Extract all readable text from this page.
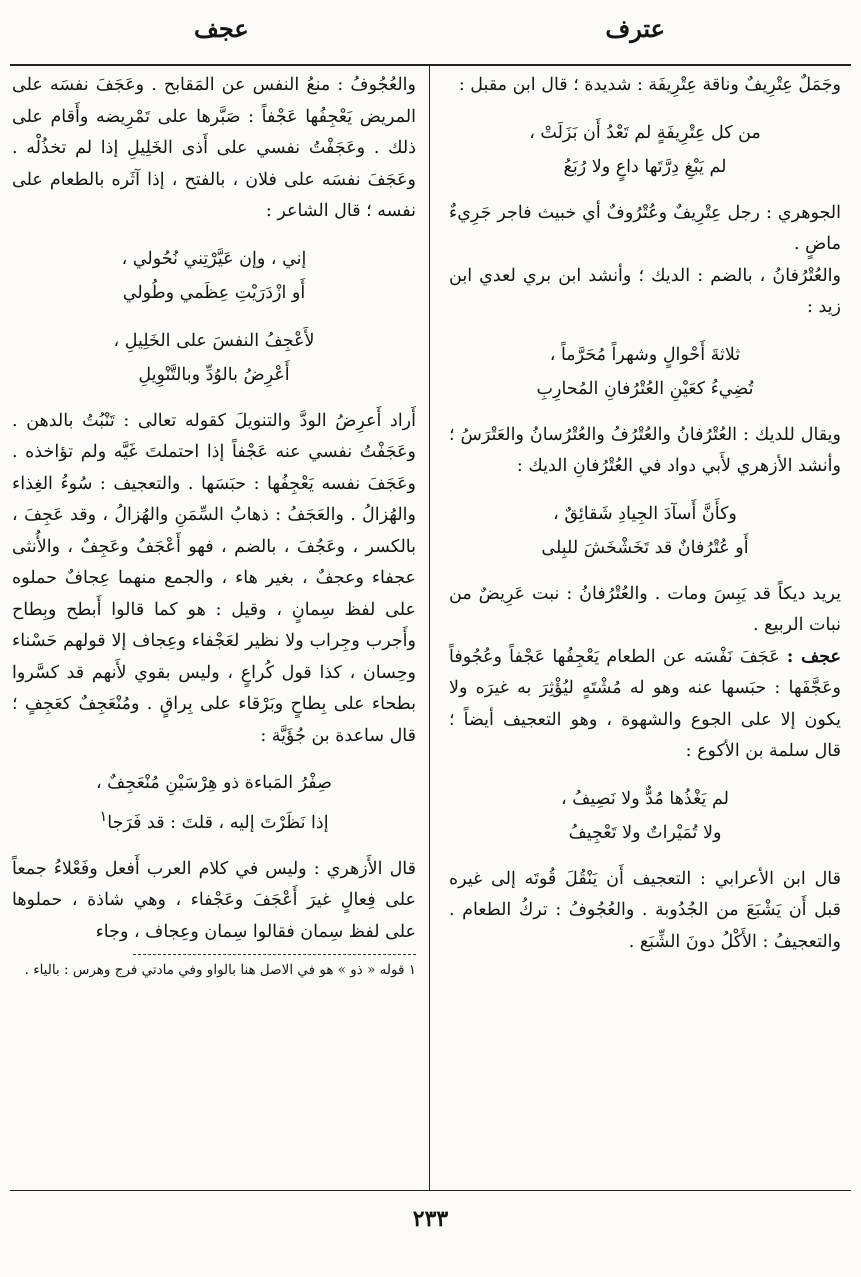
عترف
عجف

وجَمَلٌ عِتْرِيفٌ وناقة عِتْرِيفَة : شديدة ؛ قال ابن مقبل :

من كل عِتْرِيفَةٍ لم تَعْدُ أَن بَزَلَتْ ،
لم يَبْغِ دِرَّتَها داعٍ ولا رُبَعُ

الجوهري : رجل عِتْرِيفٌ وعُتْرُوفٌ أي خبيث فاجر جَرِيءٌ ماضٍ .

والعُتْرُفانُ ، بالضم : الديك ؛ وأنشد ابن بري لعدي ابن زيد :

ثلاثةَ أَحْوالٍ وشهراً مُحَرَّماً ،
تُضِيءُ كعَيْنِ العُتْرُفانِ المُحارِبِ

ويقال للديك : العُتْرُفانُ والعُتْرُفُ والعُتْرُسانُ والعَتْرَسُ ؛ وأنشد الأزهري لأَبي دواد في العُتْرُفانِ الديك :

وكأَنَّ أَسآدَ الجِيادِ شَقائِقٌ ،
أَو عُتْرُفانٌ قد تَخَشْخَشَ للبِلى

يريد ديكاً قد يَبِسَ ومات . والعُتْرُفانُ : نبت عَرِيضٌ من نبات الربيع .

عجف : عَجَفَ نَفْسَه عن الطعام يَعْجِفُها عَجْفاً وعُجُوفاً وعَجَّفَها : حبَسها عنه وهو له مُشْتَهٍ ليُؤْثِرَ به غيرَه ولا يكون إلا على الجوع والشهوة ، وهو التعجيف أيضاً ؛ قال سلمة بن الأكوع :

لم يَغْذُها مُدٌّ ولا نَصِيفُ ،
ولا تُمَيْراتٌ ولا تَعْجِيفُ

قال ابن الأعرابي : التعجيف أَن يَنْقُلَ قُوتَه إلى غيره قبل أَن يَشْبَعَ من الجُدُوبة . والعُجُوفُ : تركُ الطعام . والتعجيفُ : الأَكْلُ دونَ الشِّبَع .

والعُجُوفُ : منعُ النفس عن المَقابح . وعَجَفَ نفسَه على المريض يَعْجِفُها عَجْفاً : صَبَّرها على تَمْرِيضه وأَقام على ذلك . وعَجَفْتُ نفسي على أَذى الخَلِيلِ إذا لم تخذُلْه . وعَجَفَ نفسَه على فلان ، بالفتح ، إذا آثَره بالطعام على نفسه ؛ قال الشاعر :

إني ، وإن عَيَّرْتِني نُحُولي ،
أَو ازْدَرَيْتِ عِظَمي وطُولي
لأَعْجِفُ النفسَ على الخَلِيلِ ،
أَعْرِضُ بالوُدِّ وبالتَّنْوِيلِ

أَراد أَعرِضُ الودَّ والتنويلَ كقوله تعالى : تَنْبُتُ بالدهن . وعَجَفْتُ نفسي عنه عَجْفاً إذا احتملتَ غَيَّه ولم تؤاخذه . وعَجَفَ نفسه يَعْجِفُها : حبَسَها . والتعجيف : سُوءُ الغِذاء والهُزالُ . والعَجَفُ : ذهابُ السِّمَنِ والهُزالُ ، وقد عَجِفَ ، بالكسر ، وعَجُفَ ، بالضم ، فهو أَعْجَفُ وعَجِفٌ ، والأُنثى عجفاء وعجفٌ ، بغير هاء ، والجمع منهما عِجافٌ حملوه على لفظ سِمانٍ ، وقيل : هو كما قالوا أَبطح وبِطاح وأَجرب وجِراب ولا نظير لعَجْفاء وعِجاف إلا قولهم حَسْناء وحِسان ، كذا قول كُراعٍ ، وليس بقوي لأَنهم قد كسَّروا بطحاء على بِطاحٍ وبَرْقاء على بِراقٍ . ومُنْعَجِفٌ كعَجِفٍ ؛ قال ساعدة بن جُؤَيَّة :

صِفْرُ المَباءة ذو هِرْسَيْنِ مُنْعَجِفٌ ،
إذا نَظَرْتَ إليه ، قلتَ : قد فَرَجا$^١$

قال الأَزهري : وليس في كلام العرب أَفعل وفَعْلاءُ جمعاً على فِعالٍ غيرَ أَعْجَفَ وعَجْفاء ، وهي شاذة ، حملوها على لفظ سِمان فقالوا سِمان وعِجاف ، وجاء

١ قوله « ذو » هو في الاصل هنا بالواو وفي مادتي فرج وهرس : بالياء .

٢٣٣
